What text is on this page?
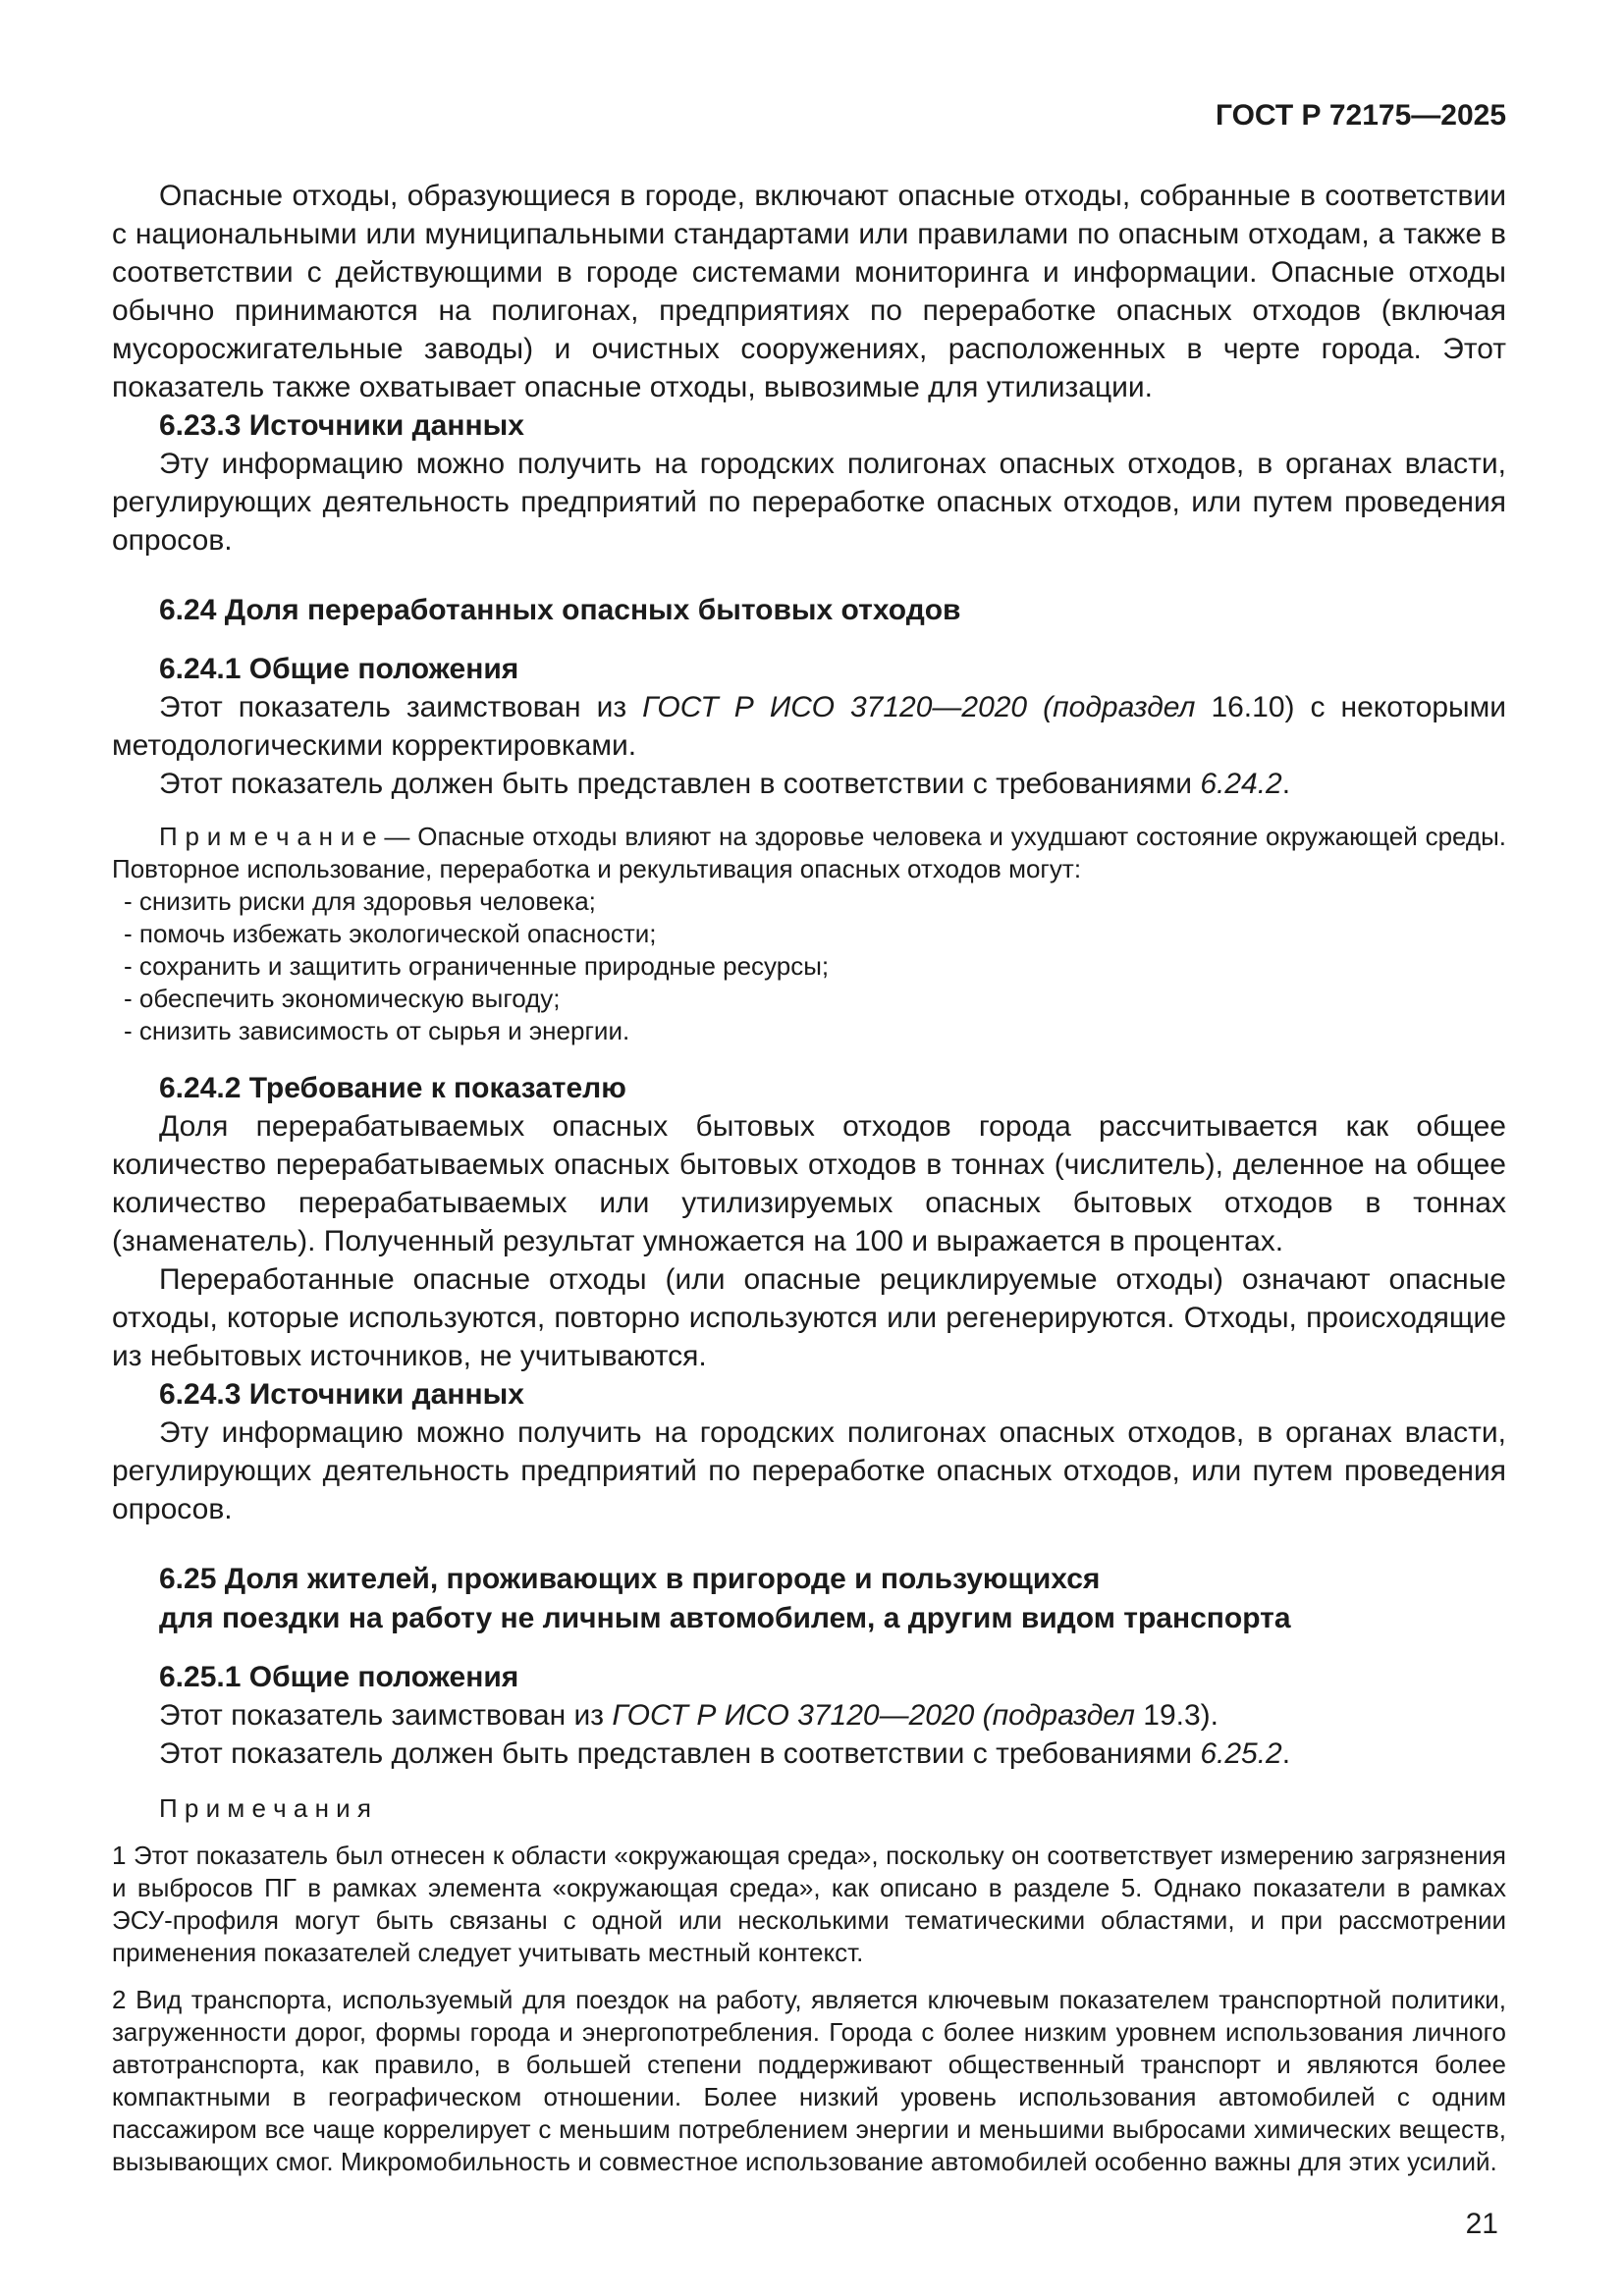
ГОСТ Р 72175—2025

Опасные отходы, образующиеся в городе, включают опасные отходы, собранные в соответствии с национальными или муниципальными стандартами или правилами по опасным отходам, а также в соответствии с действующими в городе системами мониторинга и информации. Опасные отходы обычно принимаются на полигонах, предприятиях по переработке опасных отходов (включая мусоросжигательные заводы) и очистных сооружениях, расположенных в черте города. Этот показатель также охватывает опасные отходы, вывозимые для утилизации.

6.23.3 Источники данных

Эту информацию можно получить на городских полигонах опасных отходов, в органах власти, регулирующих деятельность предприятий по переработке опасных отходов, или путем проведения опросов.

6.24 Доля переработанных опасных бытовых отходов

6.24.1 Общие положения

Этот показатель заимствован из ГОСТ Р ИСО 37120—2020 (подраздел 16.10) с некоторыми методологическими корректировками.

Этот показатель должен быть представлен в соответствии с требованиями 6.24.2.

П р и м е ч а н и е — Опасные отходы влияют на здоровье человека и ухудшают состояние окружающей среды. Повторное использование, переработка и рекультивация опасных отходов могут:

- снизить риски для здоровья человека;
- помочь избежать экологической опасности;
- сохранить и защитить ограниченные природные ресурсы;
- обеспечить экономическую выгоду;
- снизить зависимость от сырья и энергии.

6.24.2 Требование к показателю

Доля перерабатываемых опасных бытовых отходов города рассчитывается как общее количество перерабатываемых опасных бытовых отходов в тоннах (числитель), деленное на общее количество перерабатываемых или утилизируемых опасных бытовых отходов в тоннах (знаменатель). Полученный результат умножается на 100 и выражается в процентах.

Переработанные опасные отходы (или опасные рециклируемые отходы) означают опасные отходы, которые используются, повторно используются или регенерируются. Отходы, происходящие из небытовых источников, не учитываются.

6.24.3 Источники данных

Эту информацию можно получить на городских полигонах опасных отходов, в органах власти, регулирующих деятельность предприятий по переработке опасных отходов, или путем проведения опросов.

6.25 Доля жителей, проживающих в пригороде и пользующихся
для поездки на работу не личным автомобилем, а другим видом транспорта

6.25.1 Общие положения

Этот показатель заимствован из ГОСТ Р ИСО 37120—2020 (подраздел 19.3).

Этот показатель должен быть представлен в соответствии с требованиями 6.25.2.

П р и м е ч а н и я

1 Этот показатель был отнесен к области «окружающая среда», поскольку он соответствует измерению загрязнения и выбросов ПГ в рамках элемента «окружающая среда», как описано в разделе 5. Однако показатели в рамках ЭСУ-профиля могут быть связаны с одной или несколькими тематическими областями, и при рассмотрении применения показателей следует учитывать местный контекст.

2 Вид транспорта, используемый для поездок на работу, является ключевым показателем транспортной политики, загруженности дорог, формы города и энергопотребления. Города с более низким уровнем использования личного автотранспорта, как правило, в большей степени поддерживают общественный транспорт и являются более компактными в географическом отношении. Более низкий уровень использования автомобилей с одним пассажиром все чаще коррелирует с меньшим потреблением энергии и меньшими выбросами химических веществ, вызывающих смог. Микромобильность и совместное использование автомобилей особенно важны для этих усилий.

21
